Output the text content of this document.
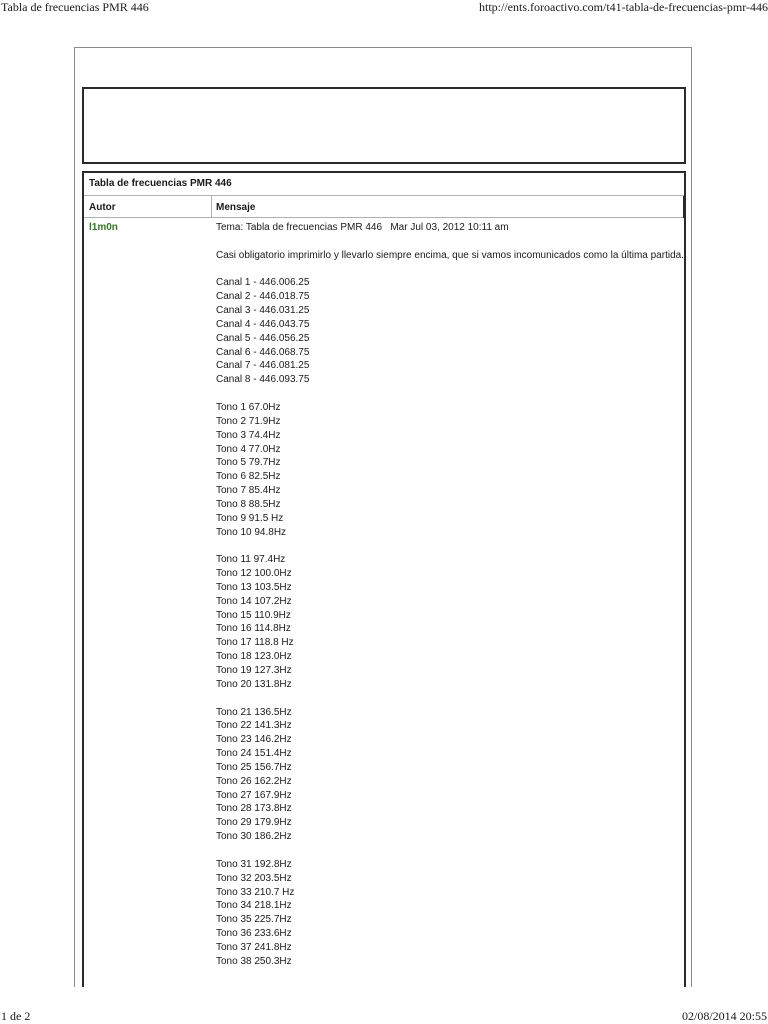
Tabla de frecuencias PMR 446	http://ents.foroactivo.com/t41-tabla-de-frecuencias-pmr-446
Tabla de frecuencias PMR 446
Autor	Mensaje
l1m0n	Tema: Tabla de frecuencias PMR 446   Mar Jul 03, 2012 10:11 am
Casi obligatorio imprimirlo y llevarlo siempre encima, que si vamos incomunicados como la última partida.
Canal 1 - 446.006.25
Canal 2 - 446.018.75
Canal 3 - 446.031.25
Canal 4 - 446.043.75
Canal 5 - 446.056.25
Canal 6 - 446.068.75
Canal 7 - 446.081.25
Canal 8 - 446.093.75
Tono 1 67.0Hz
Tono 2 71.9Hz
Tono 3 74.4Hz
Tono 4 77.0Hz
Tono 5 79.7Hz
Tono 6 82.5Hz
Tono 7 85.4Hz
Tono 8 88.5Hz
Tono 9 91.5 Hz
Tono 10 94.8Hz
Tono 11 97.4Hz
Tono 12 100.0Hz
Tono 13 103.5Hz
Tono 14 107.2Hz
Tono 15 110.9Hz
Tono 16 114.8Hz
Tono 17 118.8 Hz
Tono 18 123.0Hz
Tono 19 127.3Hz
Tono 20 131.8Hz
Tono 21 136.5Hz
Tono 22 141.3Hz
Tono 23 146.2Hz
Tono 24 151.4Hz
Tono 25 156.7Hz
Tono 26 162.2Hz
Tono 27 167.9Hz
Tono 28 173.8Hz
Tono 29 179.9Hz
Tono 30 186.2Hz
Tono 31 192.8Hz
Tono 32 203.5Hz
Tono 33 210.7 Hz
Tono 34 218.1Hz
Tono 35 225.7Hz
Tono 36 233.6Hz
Tono 37 241.8Hz
Tono 38 250.3Hz
1 de 2	02/08/2014 20:55
